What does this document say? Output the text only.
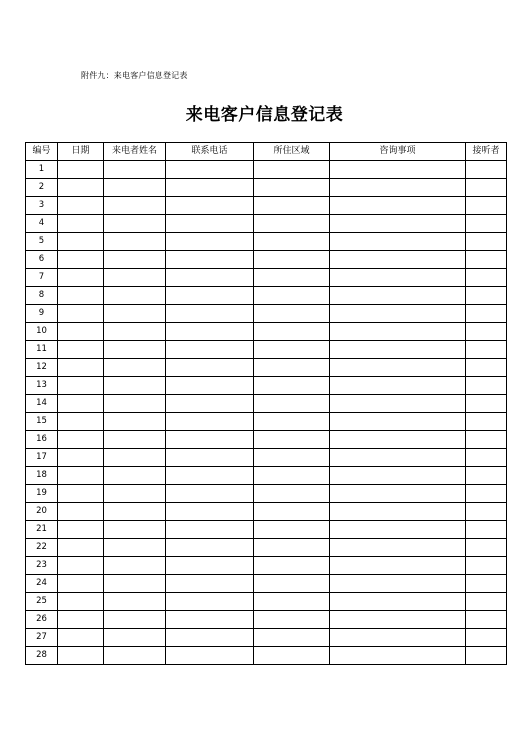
附件九：来电客户信息登记表
来电客户信息登记表
编号	日期	来电者姓名	联系电话	所住区域	咨询事项	接听者
1						
2						
3						
4						
5						
6						
7						
8						
9						
10						
11						
12						
13						
14						
15						
16						
17						
18						
19						
20						
21						
22						
23						
24						
25						
26						
27						
28						
